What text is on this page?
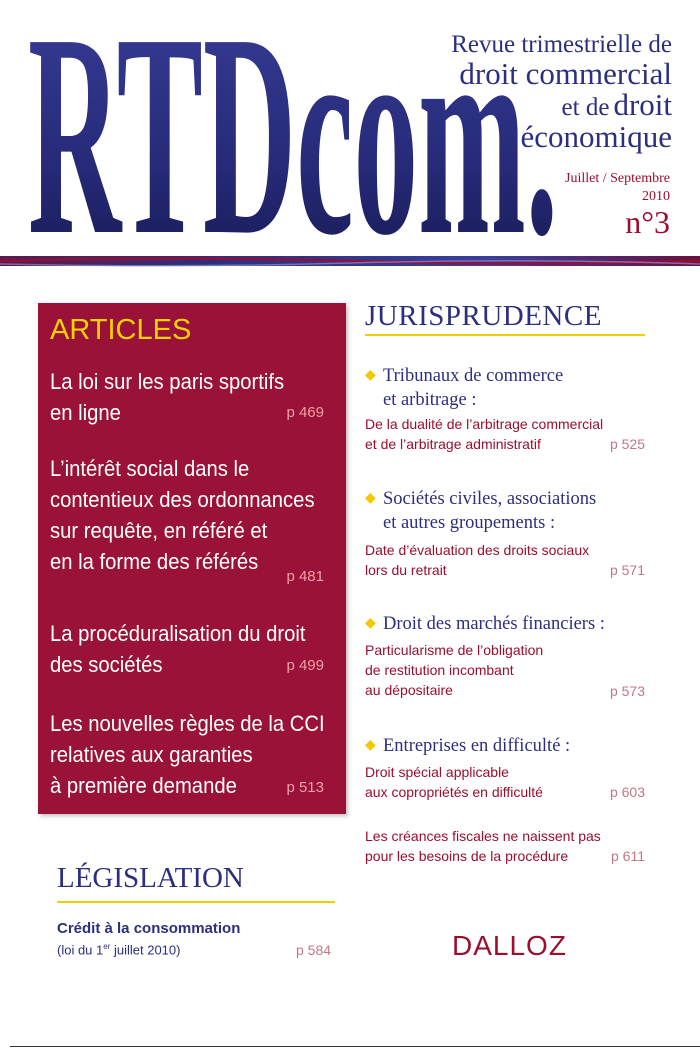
RTDcom.
Revue trimestrielle de
droit commercial
et de droit
économique
Juillet / Septembre
2010
n°3
ARTICLES
La loi sur les paris sportifs
en ligne	p 469
L’intérêt social dans le
contentieux des ordonnances
sur requête, en référé et
en la forme des référés
p 481
La procéduralisation du droit
des sociétés	p 499
Les nouvelles règles de la CCI
relatives aux garanties
à première demande	p 513
JURISPRUDENCE
◆ Tribunaux de commerce
et arbitrage :
De la dualité de l’arbitrage commercial
et de l’arbitrage administratif	p 525
◆ Sociétés civiles, associations
et autres groupements :
Date d’évaluation des droits sociaux
lors du retrait	p 571
◆ Droit des marchés financiers :
Particularisme de l’obligation
de restitution incombant
au dépositaire	p 573
◆ Entreprises en difficulté :
Droit spécial applicable
aux copropriétés en difficulté	p 603
Les créances fiscales ne naissent pas
pour les besoins de la procédure	p 611
LÉGISLATION
Crédit à la consommation
(loi du 1er juillet 2010)	p 584	DALLOZ
